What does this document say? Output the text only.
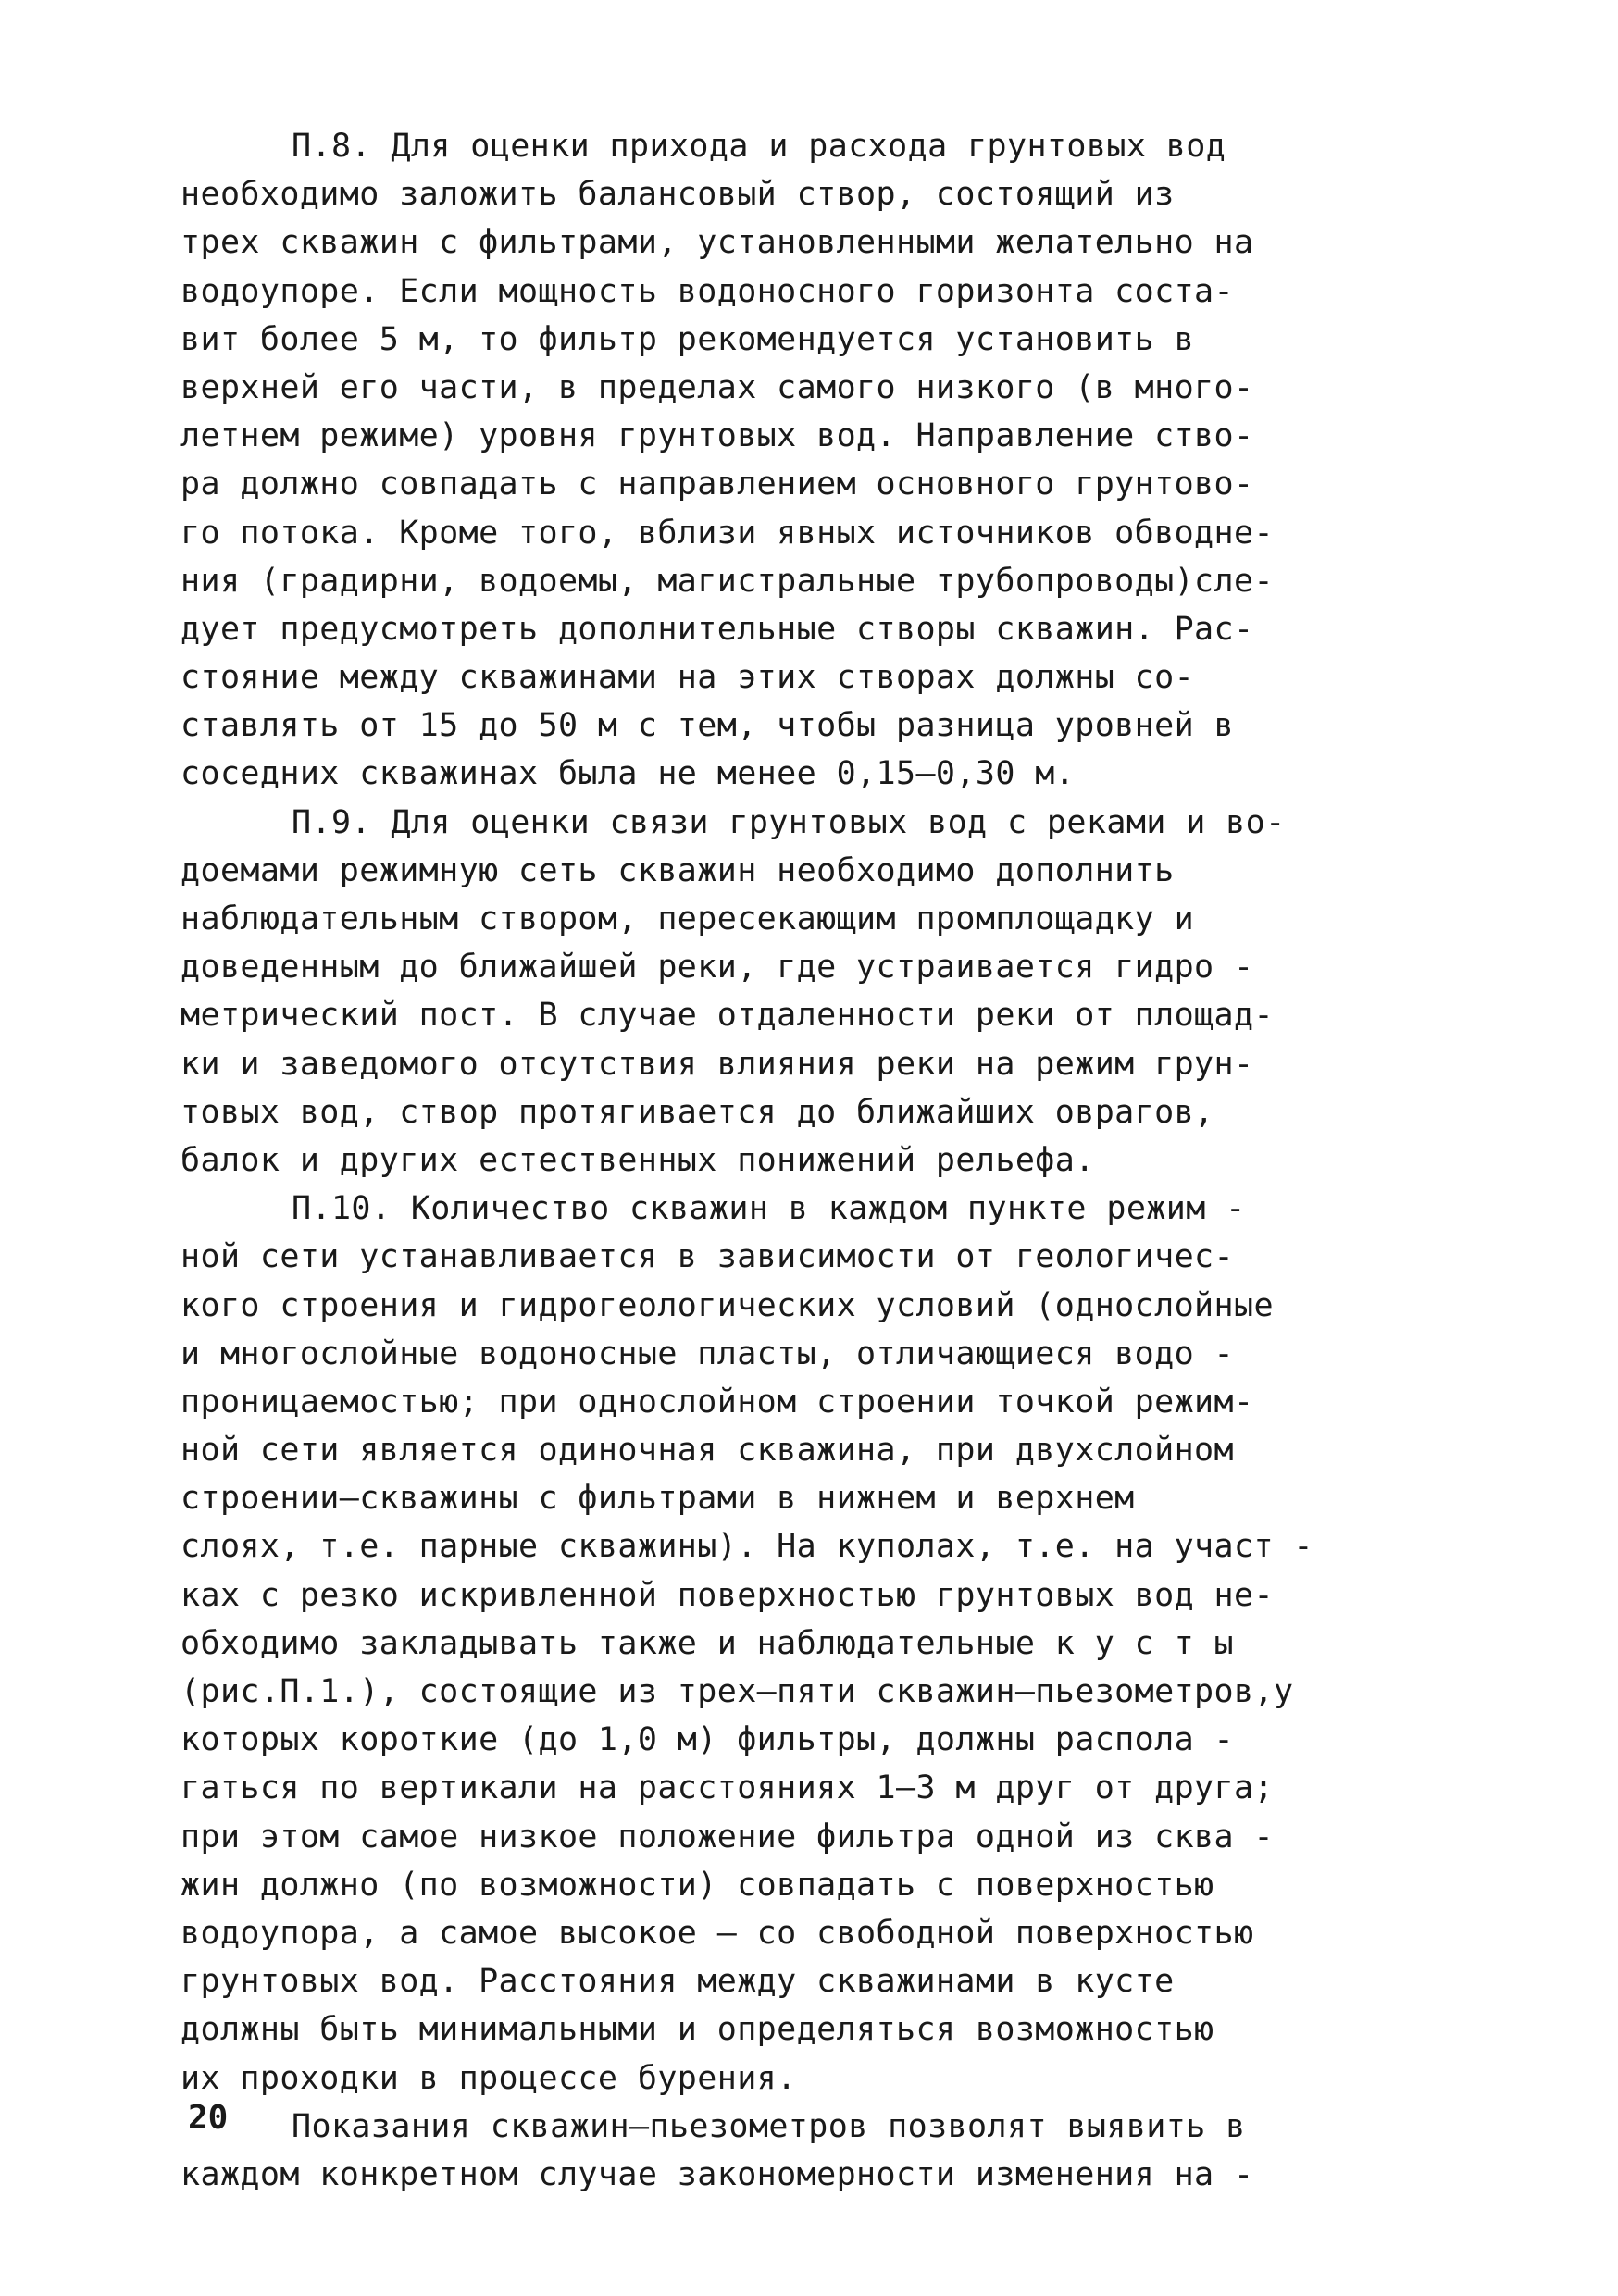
П.8. Для оценки прихода и расхода грунтовых вод
необходимо заложить балансовый створ, состоящий из
трех скважин с фильтрами, установленными желательно на
водоупоре. Если мощность водоносного горизонта соста-
вит более 5 м, то фильтр рекомендуется установить в
верхней его части, в пределах самого низкого (в много-
летнем режиме) уровня грунтовых вод. Направление ство-
ра должно совпадать с направлением основного грунтово-
го потока. Кроме того, вблизи явных источников обводне-
ния (градирни, водоемы, магистральные трубопроводы)сле-
дует предусмотреть дополнительные створы скважин. Рас-
стояние между скважинами на этих створах должны со-
ставлять от 15 до 50 м с тем, чтобы разница уровней в
соседних скважинах была не менее 0,15–0,30 м.
П.9. Для оценки связи грунтовых вод с реками и во-
доемами режимную сеть скважин необходимо дополнить
наблюдательным створом, пересекающим промплощадку и
доведенным до ближайшей реки, где устраивается гидро -
метрический пост. В случае отдаленности реки от площад-
ки и заведомого отсутствия влияния реки на режим грун-
товых вод, створ протягивается до ближайших оврагов,
балок и других естественных понижений рельефа.
П.10. Количество скважин в каждом пункте режим -
ной сети устанавливается в зависимости от геологичес-
кого строения и гидрогеологических условий (однослойные
и многослойные водоносные пласты, отличающиеся водо -
проницаемостью; при однослойном строении точкой режим-
ной сети является одиночная скважина, при двухслойном
строении–скважины с фильтрами в нижнем и верхнем
слоях, т.е. парные скважины). На куполах, т.е. на участ -
ках с резко искривленной поверхностью грунтовых вод не-
обходимо закладывать также и наблюдательные к у с т ы
(рис.П.1.), состоящие из трех–пяти скважин–пьезометров,у
которых короткие (до 1,0 м) фильтры, должны распола -
гаться по вертикали на расстояниях 1–3 м друг от друга;
при этом самое низкое положение фильтра одной из сква -
жин должно (по возможности) совпадать с поверхностью
водоупора, а самое высокое – со свободной поверхностью
грунтовых вод. Расстояния между скважинами в кусте
должны быть минимальными и определяться возможностью
их проходки в процессе бурения.
Показания скважин–пьезометров позволят выявить в
каждом конкретном случае закономерности изменения на -
20
